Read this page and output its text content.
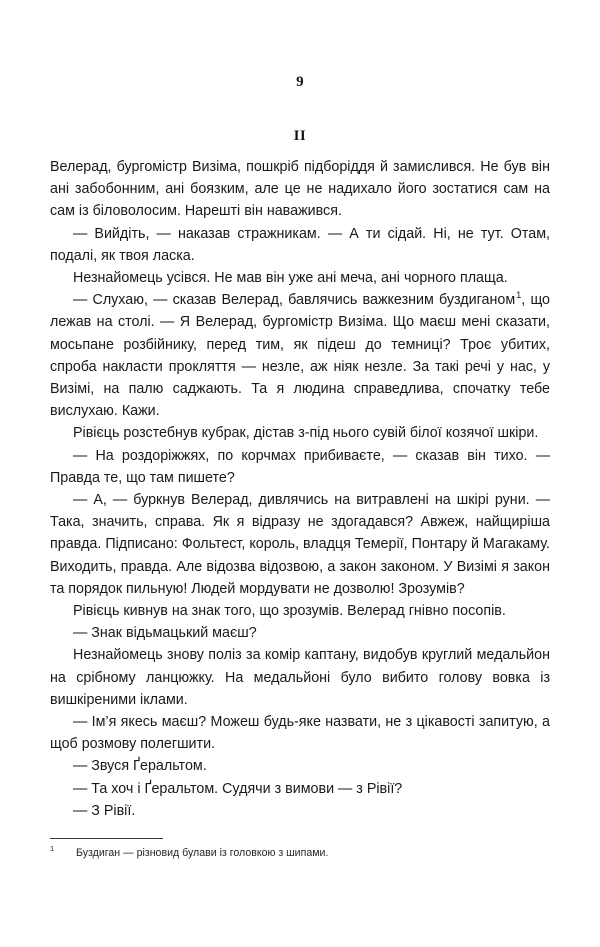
9
II

Велерад, бургомістр Визіма, пошкріб підборіддя й замислився. Не був він ані забобонним, ані боязким, але це не надихало його зостатися сам на сам із біловолосим. Нарешті він наважився.

— Вийдіть, — наказав стражникам. — А ти сідай. Ні, не тут. Отам, подалі, як твоя ласка.

Незнайомець усівся. Не мав він уже ані меча, ані чорного плаща.

— Слухаю, — сказав Велерад, бавлячись важкезним буздиганом$^1$, що лежав на столі. — Я Велерад, бургомістр Визіма. Що маєш мені сказати, мосьпане розбійнику, перед тим, як підеш до темниці? Троє убитих, спроба накласти прокляття — незле, аж ніяк незле. За такі речі у нас, у Визімі, на палю саджають. Та я людина справедлива, спочатку тебе вислухаю. Кажи.

Рівієць розстебнув кубрак, дістав з-під нього сувій білої козячої шкіри.

— На роздоріжжях, по корчмах прибиваєте, — сказав він тихо. — Правда те, що там пишете?

— А, — буркнув Велерад, дивлячись на витравлені на шкірі руни. — Така, значить, справа. Як я відразу не здогадався? Авжеж, найщиріша правда. Підписано: Фольтест, король, владця Темерії, Понтару й Магакаму. Виходить, правда. Але відозва відозвою, а закон законом. У Визімі я закон та порядок пильную! Людей мордувати не дозволю! Зрозумів?

Рівієць кивнув на знак того, що зрозумів. Велерад гнівно посопів.

— Знак відьмацький маєш?

Незнайомець знову поліз за комір каптану, видобув круглий медальйон на срібному ланцюжку. На медальйоні було вибито голову вовка із вишкіреними іклами.

— Ім’я якесь маєш? Можеш будь-яке назвати, не з цікавості запитую, а щоб розмову полегшити.

— Звуся Ґеральтом.

— Та хоч і Ґеральтом. Судячи з вимови — з Рівії?

— З Рівії.

1 Буздиган — різновид булави із головкою з шипами.
